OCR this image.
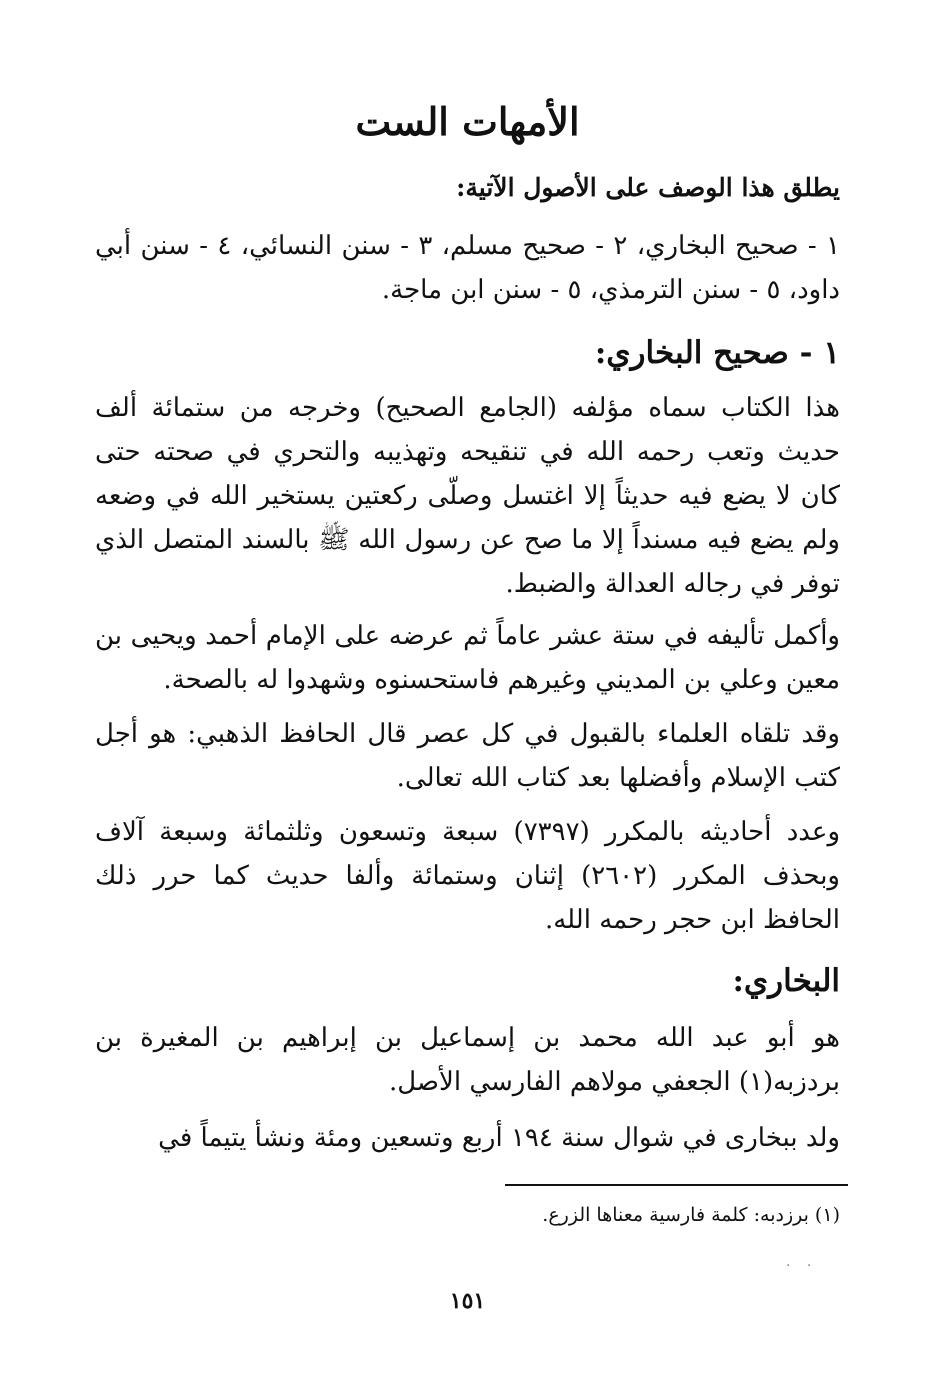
الأمهات الست
يطلق هذا الوصف على الأصول الآتية:
١ - صحيح البخاري، ٢ - صحيح مسلم، ٣ - سنن النسائي، ٤ - سنن أبي داود، ٥ - سنن الترمذي، ٥ - سنن ابن ماجة.
١ - صحيح البخاري:
هذا الكتاب سماه مؤلفه (الجامع الصحيح) وخرجه من ستمائة ألف حديث وتعب رحمه الله في تنقيحه وتهذيبه والتحري في صحته حتى كان لا يضع فيه حديثاً إلا اغتسل وصلّى ركعتين يستخير الله في وضعه ولم يضع فيه مسنداً إلا ما صح عن رسول الله ﷺ بالسند المتصل الذي توفر في رجاله العدالة والضبط.
وأكمل تأليفه في ستة عشر عاماً ثم عرضه على الإمام أحمد ويحيى بن معين وعلي بن المديني وغيرهم فاستحسنوه وشهدوا له بالصحة.
وقد تلقاه العلماء بالقبول في كل عصر قال الحافظ الذهبي: هو أجل كتب الإسلام وأفضلها بعد كتاب الله تعالى.
وعدد أحاديثه بالمكرر (٧٣٩٧) سبعة وتسعون وثلثمائة وسبعة آلاف وبحذف المكرر (٢٦٠٢) إثنان وستمائة وألفا حديث كما حرر ذلك الحافظ ابن حجر رحمه الله.
البخاري:
هو أبو عبد الله محمد بن إسماعيل بن إبراهيم بن المغيرة بن بردزبه(١) الجعفي مولاهم الفارسي الأصل.
ولد ببخارى في شوال سنة ١٩٤ أربع وتسعين ومئة ونشأ يتيماً في
(١) برزدبه: كلمة فارسية معناها الزرع.
· ·
١٥١
